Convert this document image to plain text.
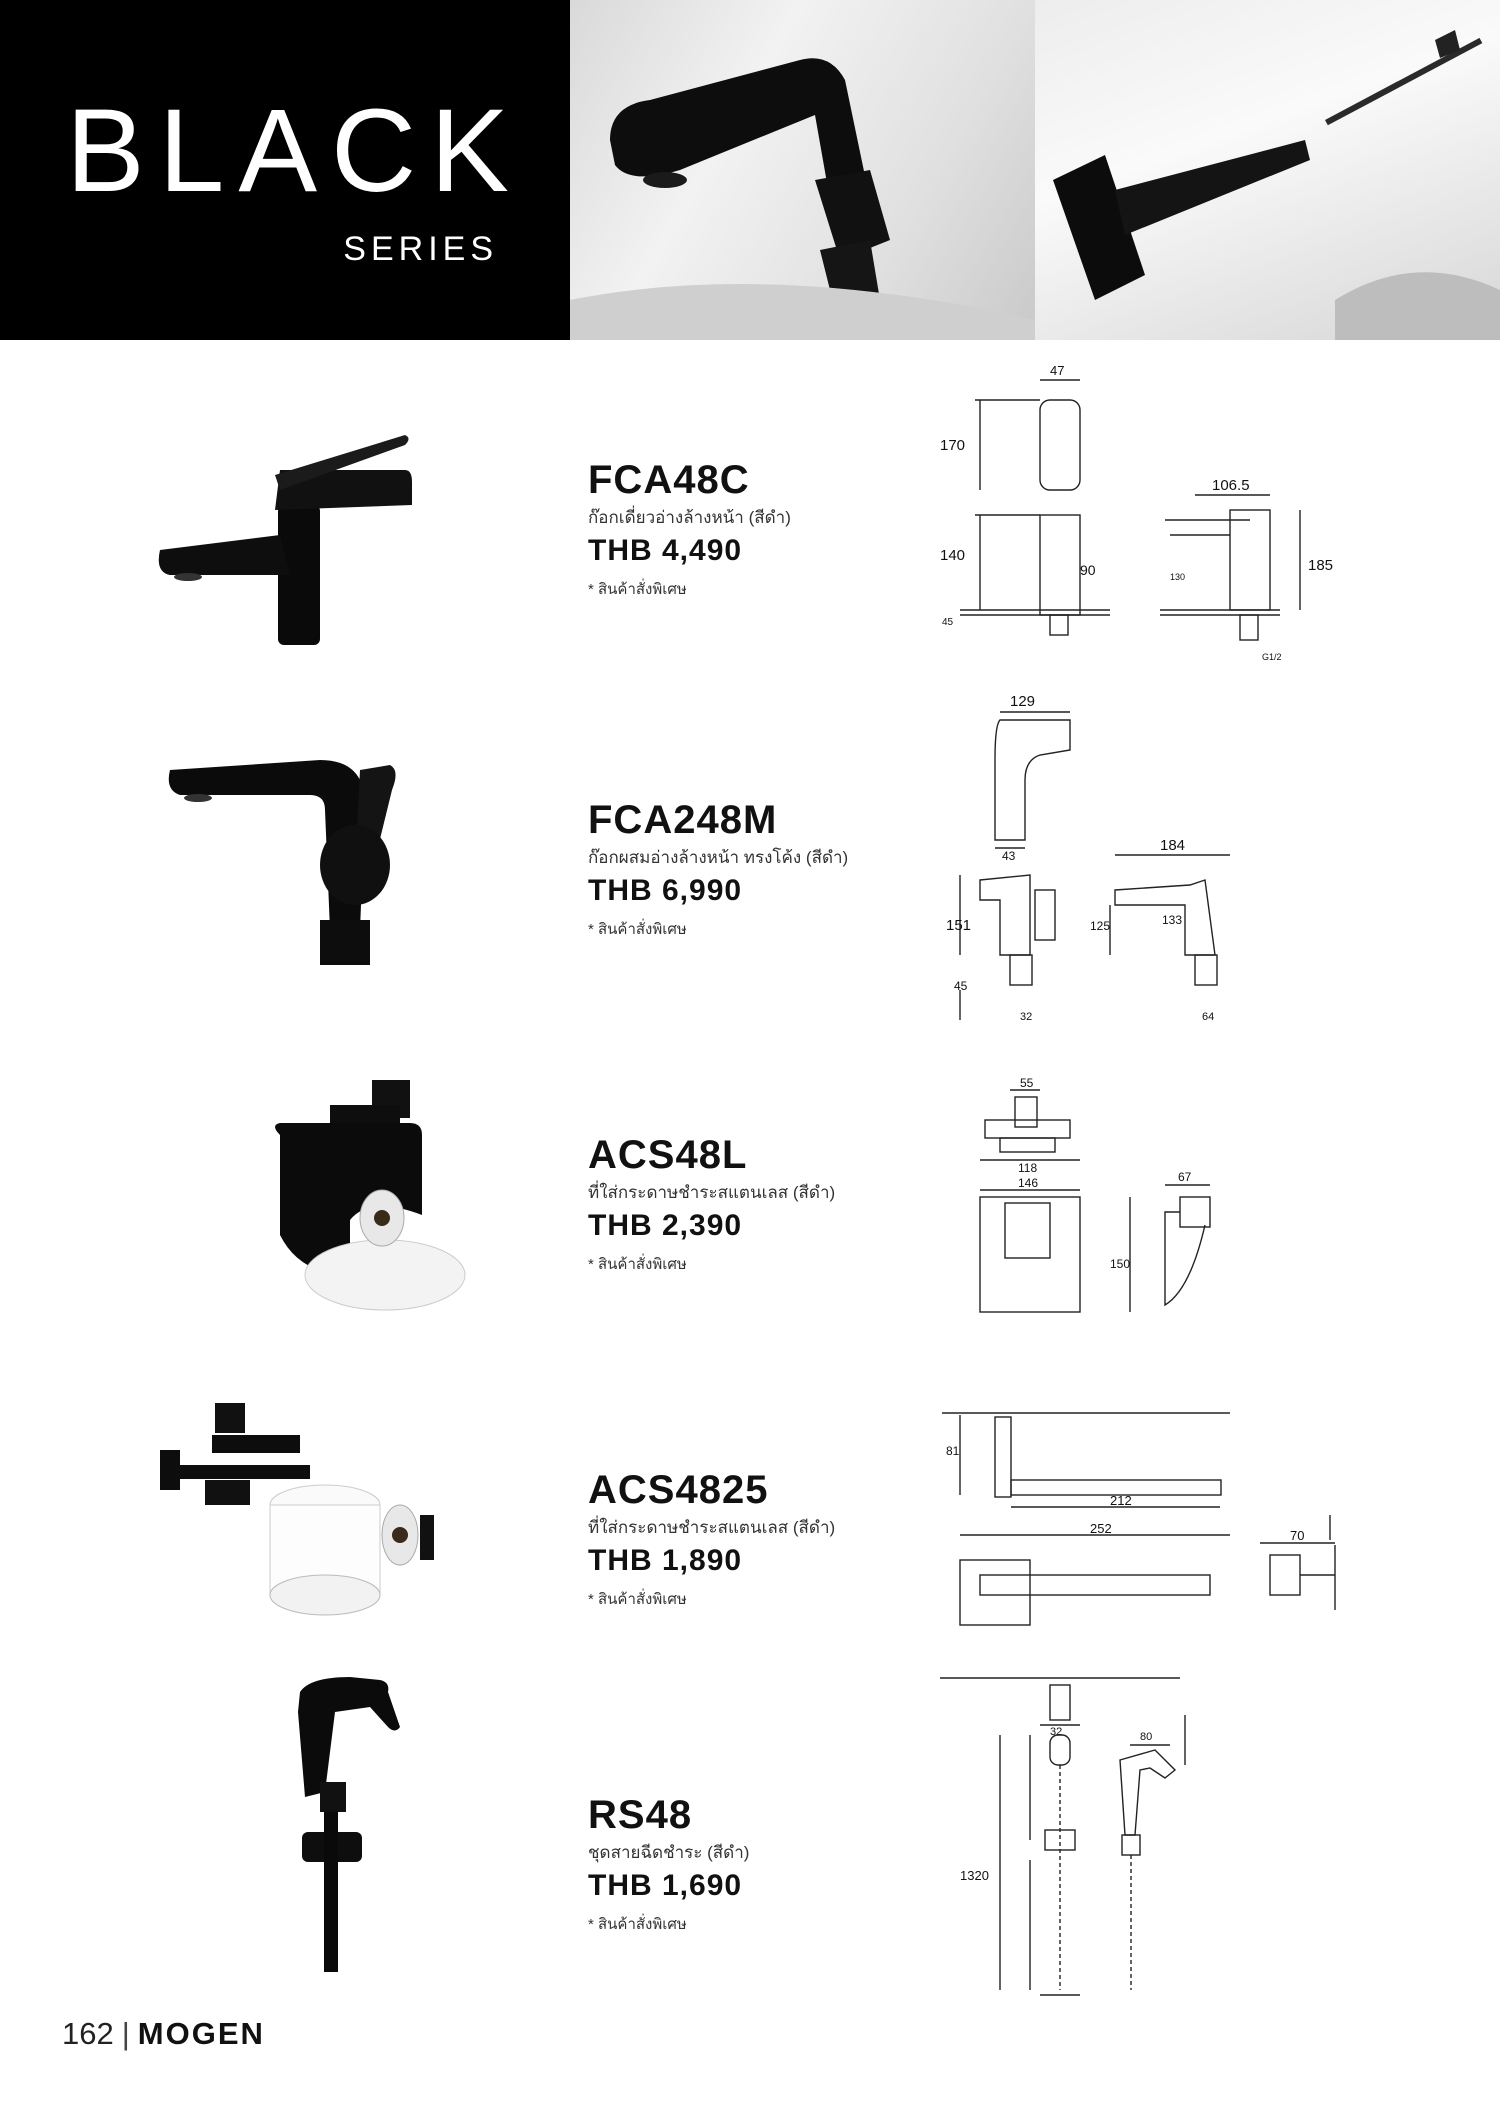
BLACK
SERIES
FCA48C
ก๊อกเดี่ยวอ่างล้างหน้า (สีดำ)
THB 4,490
* สินค้าสั่งพิเศษ
47
170
106.5
140
90	185
45
130
G1/2
FCA248M
ก๊อกผสมอ่างล้างหน้า ทรงโค้ง (สีดำ)
THB 6,990
* สินค้าสั่งพิเศษ
129
43
184
151	125	133
45
32	64
ACS48L
ที่ใส่กระดาษชำระสแตนเลส (สีดำ)
THB 2,390
* สินค้าสั่งพิเศษ
55
118
146	67
150
ACS4825
ที่ใส่กระดาษชำระสแตนเลส (สีดำ)
THB 1,890
* สินค้าสั่งพิเศษ
81
212
252	70
RS48
ชุดสายฉีดชำระ (สีดำ)
THB 1,690
* สินค้าสั่งพิเศษ
32	80
1320
162 | MOGEN
